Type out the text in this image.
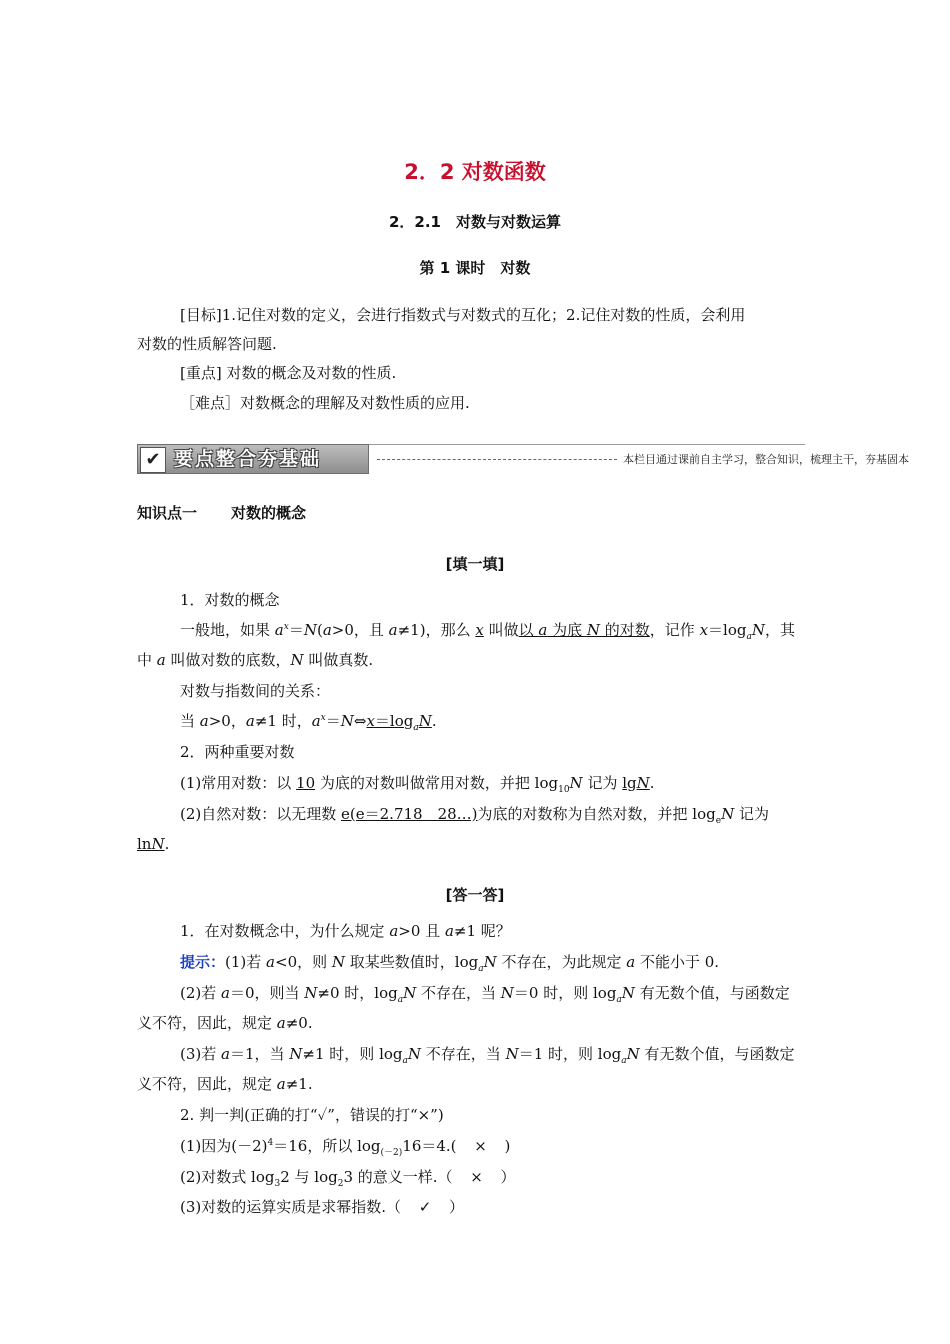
2．2 对数函数
2．2.1　对数与对数运算
第 1 课时　对数
[目标]1.记住对数的定义，会进行指数式与对数式的互化；2.记住对数的性质，会利用
对数的性质解答问题.
[重点] 对数的概念及对数的性质.
［难点］对数概念的理解及对数性质的应用.
✔ 要点整合夯基础	本栏目通过课前自主学习，整合知识，梳理主干，夯基固本
知识点一 对数的概念
[填一填]
1．对数的概念
一般地，如果 $a^x=N(a>0$，且 a≠1)，那么 x 叫做以 a 为底 N 的对数，记作 $x=\log_aN$，其
中 a 叫做对数的底数，N 叫做真数.
对数与指数间的关系：
当 a>0，a≠1 时，$a^x=N\Leftrightarrow x=\log_aN$.
2．两种重要对数
(1)常用对数：以 10 为底的对数叫做常用对数，并把 $\log_{10}N$ 记为 lgN.
(2)自然对数：以无理数 e(e＝2.718　28…)为底的对数称为自然对数，并把 $\log_eN$ 记为
lnN.
[答一答]
1．在对数概念中，为什么规定 a>0 且 a≠1 呢？
提示：(1)若 a<0，则 N 取某些数值时，$\log_aN$ 不存在，为此规定 a 不能小于 0.
(2)若 a＝0，则当 N≠0 时，$\log_aN$ 不存在，当 N＝0 时，则 $\log_aN$ 有无数个值，与函数定
义不符，因此，规定 a≠0.
(3)若 a＝1，当 N≠1 时，则 $\log_aN$ 不存在，当 N＝1 时，则 $\log_aN$ 有无数个值，与函数定
义不符，因此，规定 a≠1.
2. 判一判(正确的打“✓”，错误的打“×”)
(1)因为$(-2)^4=16$，所以 $\log_{(-2)}16=4$.( × )
(2)对数式 $\log_32$ 与 $\log_23$ 的意义一样.（ × ）
(3)对数的运算实质是求幂指数.（ ✓ ）
